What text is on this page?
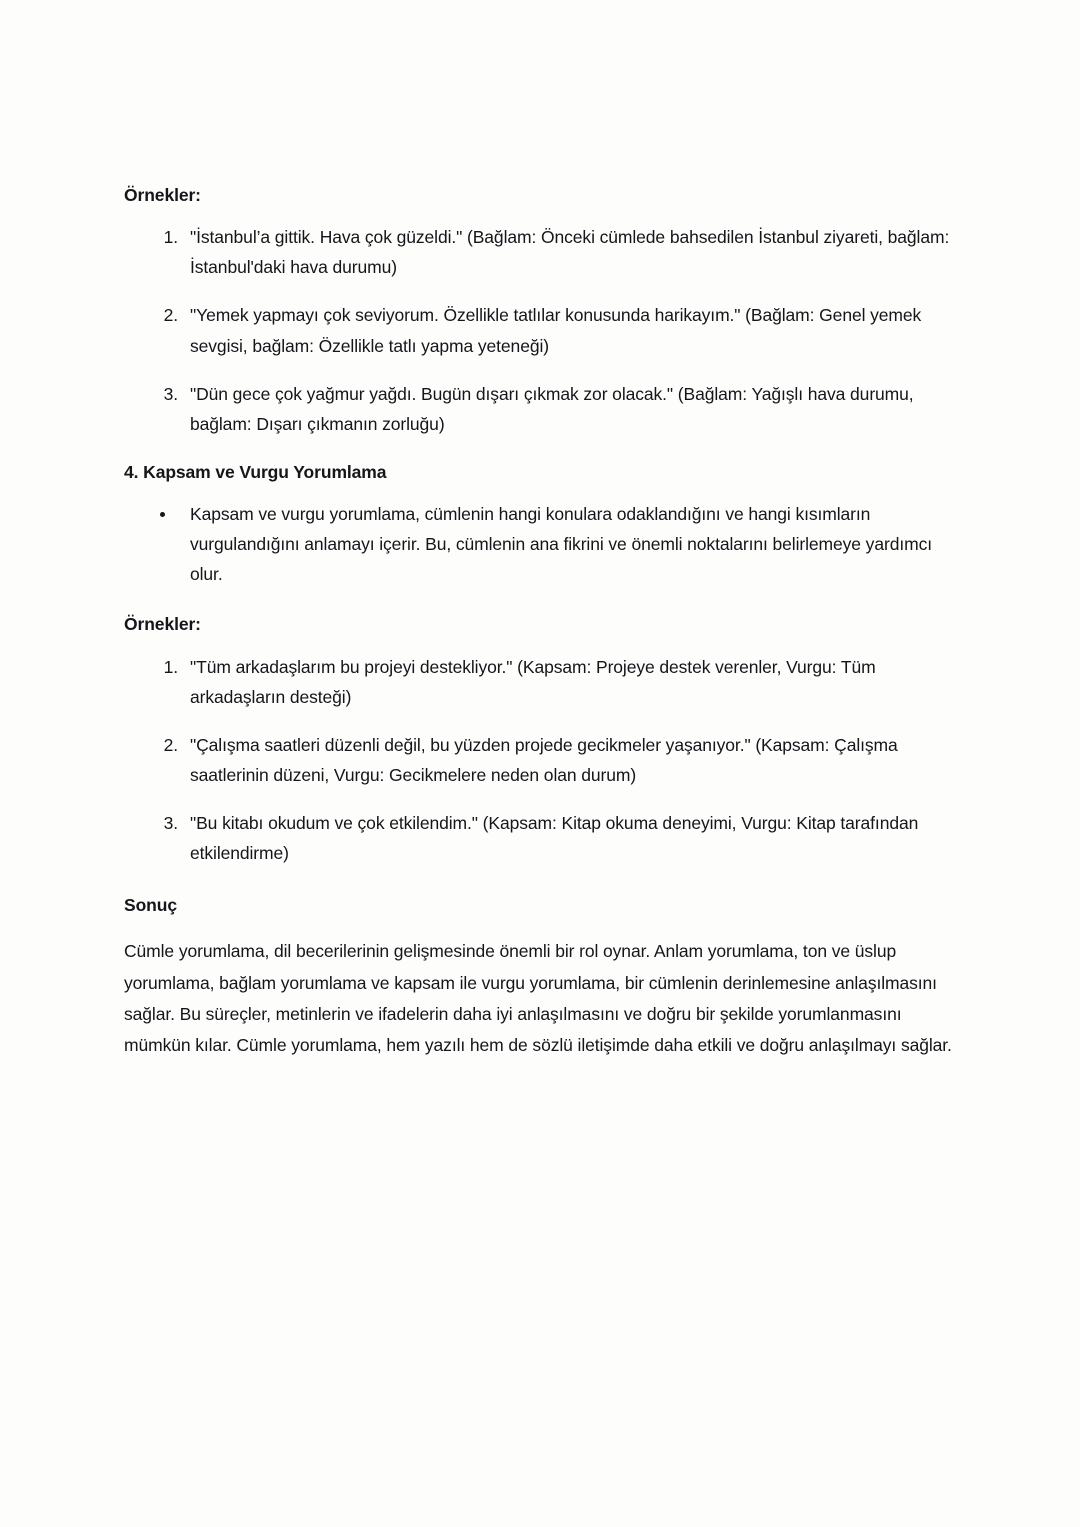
Örnekler:

1. "İstanbul’a gittik. Hava çok güzeldi." (Bağlam: Önceki cümlede bahsedilen İstanbul ziyareti, bağlam: İstanbul'daki hava durumu)
2. "Yemek yapmayı çok seviyorum. Özellikle tatlılar konusunda harikayım." (Bağlam: Genel yemek sevgisi, bağlam: Özellikle tatlı yapma yeteneği)
3. "Dün gece çok yağmur yağdı. Bugün dışarı çıkmak zor olacak." (Bağlam: Yağışlı hava durumu, bağlam: Dışarı çıkmanın zorluğu)

4. Kapsam ve Vurgu Yorumlama

Kapsam ve vurgu yorumlama, cümlenin hangi konulara odaklandığını ve hangi kısımların vurgulandığını anlamayı içerir. Bu, cümlenin ana fikrini ve önemli noktalarını belirlemeye yardımcı olur.

Örnekler:

1. "Tüm arkadaşlarım bu projeyi destekliyor." (Kapsam: Projeye destek verenler, Vurgu: Tüm arkadaşların desteği)
2. "Çalışma saatleri düzenli değil, bu yüzden projede gecikmeler yaşanıyor." (Kapsam: Çalışma saatlerinin düzeni, Vurgu: Gecikmelere neden olan durum)
3. "Bu kitabı okudum ve çok etkilendim." (Kapsam: Kitap okuma deneyimi, Vurgu: Kitap tarafından etkilendirme)

Sonuç

Cümle yorumlama, dil becerilerinin gelişmesinde önemli bir rol oynar. Anlam yorumlama, ton ve üslup yorumlama, bağlam yorumlama ve kapsam ile vurgu yorumlama, bir cümlenin derinlemesine anlaşılmasını sağlar. Bu süreçler, metinlerin ve ifadelerin daha iyi anlaşılmasını ve doğru bir şekilde yorumlanmasını mümkün kılar. Cümle yorumlama, hem yazılı hem de sözlü iletişimde daha etkili ve doğru anlaşılmayı sağlar.
